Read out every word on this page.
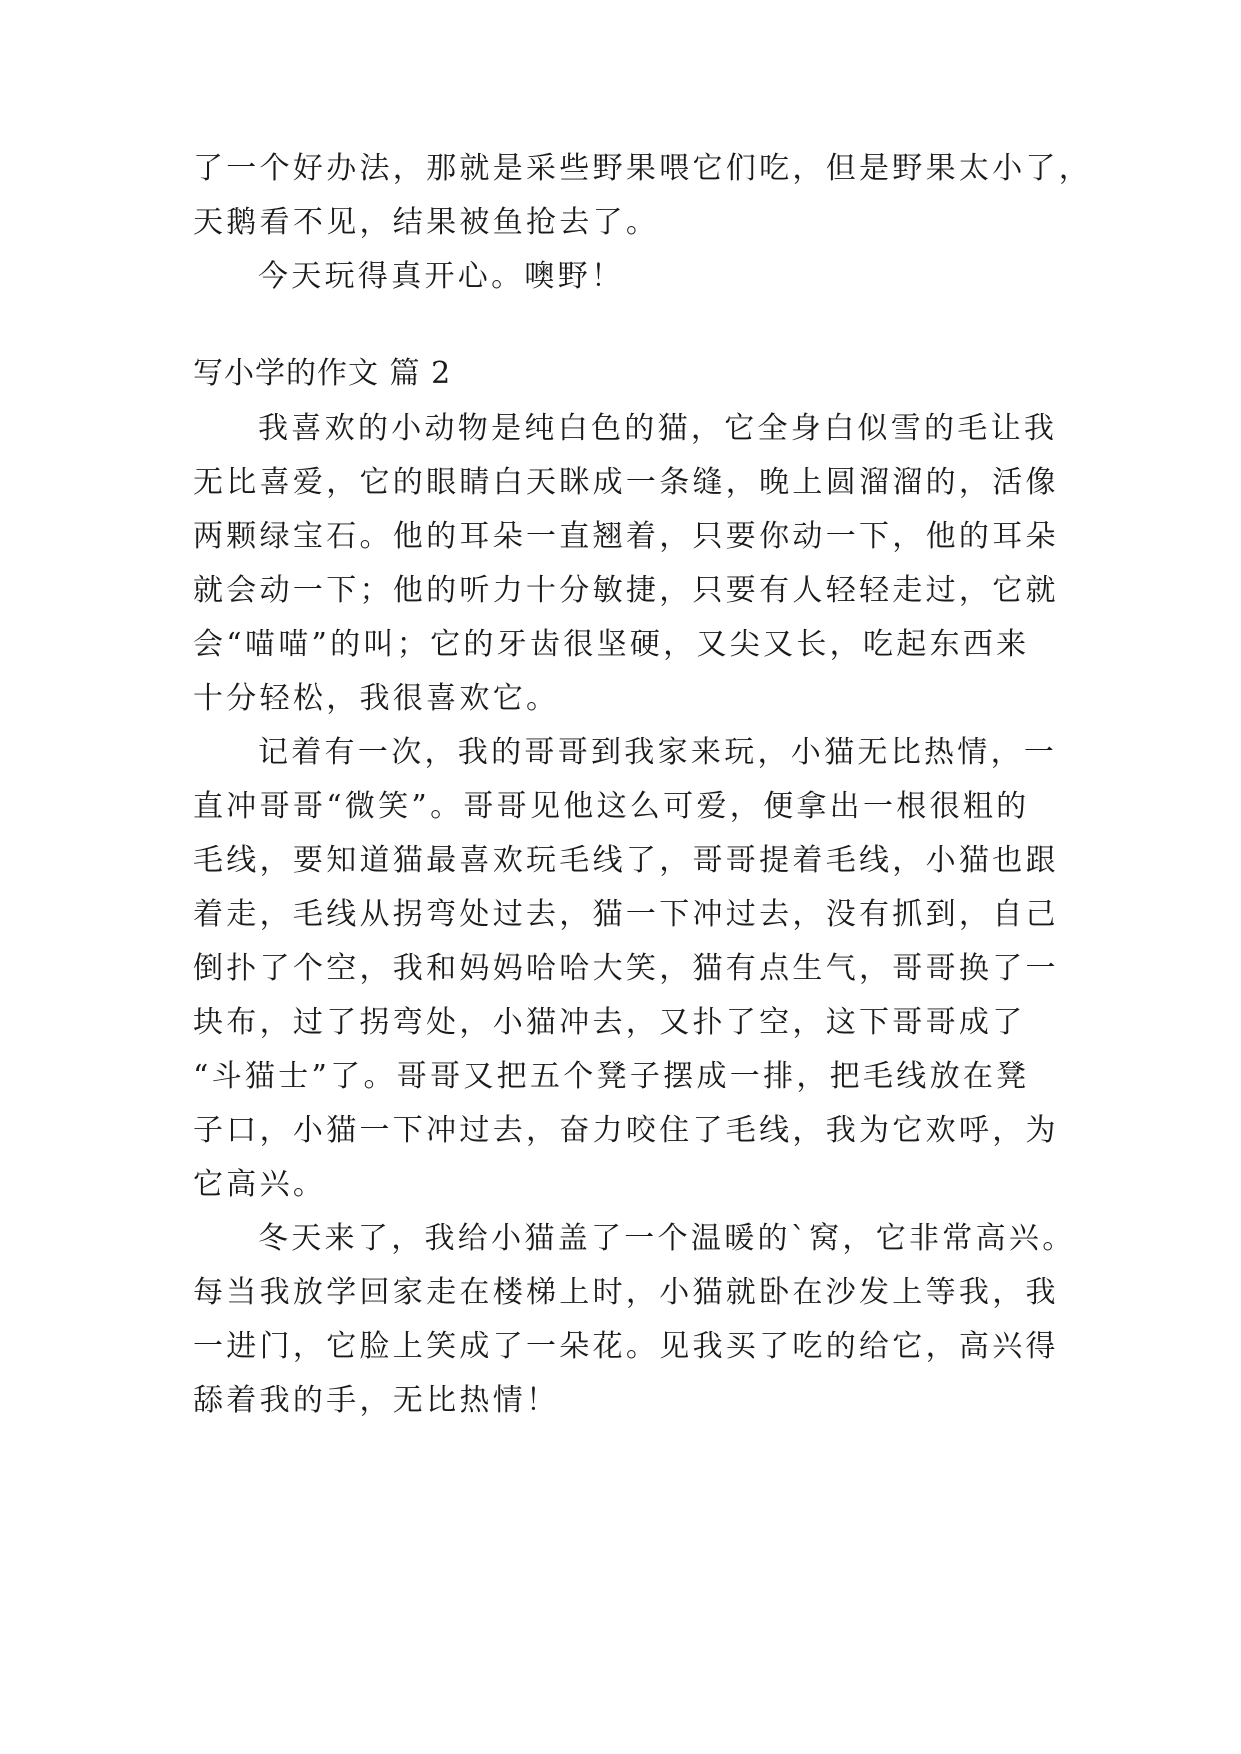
了一个好办法，那就是采些野果喂它们吃，但是野果太小了，
天鹅看不见，结果被鱼抢去了。
今天玩得真开心。噢野！
写小学的作文 篇 2
我喜欢的小动物是纯白色的猫，它全身白似雪的毛让我
无比喜爱，它的眼睛白天眯成一条缝，晚上圆溜溜的，活像
两颗绿宝石。他的耳朵一直翘着，只要你动一下，他的耳朵
就会动一下；他的听力十分敏捷，只要有人轻轻走过，它就
会“喵喵”的叫；它的牙齿很坚硬，又尖又长，吃起东西来
十分轻松，我很喜欢它。
记着有一次，我的哥哥到我家来玩，小猫无比热情，一
直冲哥哥“微笑”。哥哥见他这么可爱，便拿出一根很粗的
毛线，要知道猫最喜欢玩毛线了，哥哥提着毛线，小猫也跟
着走，毛线从拐弯处过去，猫一下冲过去，没有抓到，自己
倒扑了个空，我和妈妈哈哈大笑，猫有点生气，哥哥换了一
块布，过了拐弯处，小猫冲去，又扑了空，这下哥哥成了
“斗猫士”了。哥哥又把五个凳子摆成一排，把毛线放在凳
子口，小猫一下冲过去，奋力咬住了毛线，我为它欢呼，为
它高兴。
冬天来了，我给小猫盖了一个温暖的`窝，它非常高兴。
每当我放学回家走在楼梯上时，小猫就卧在沙发上等我，我
一进门，它脸上笑成了一朵花。见我买了吃的给它，高兴得
舔着我的手，无比热情！
